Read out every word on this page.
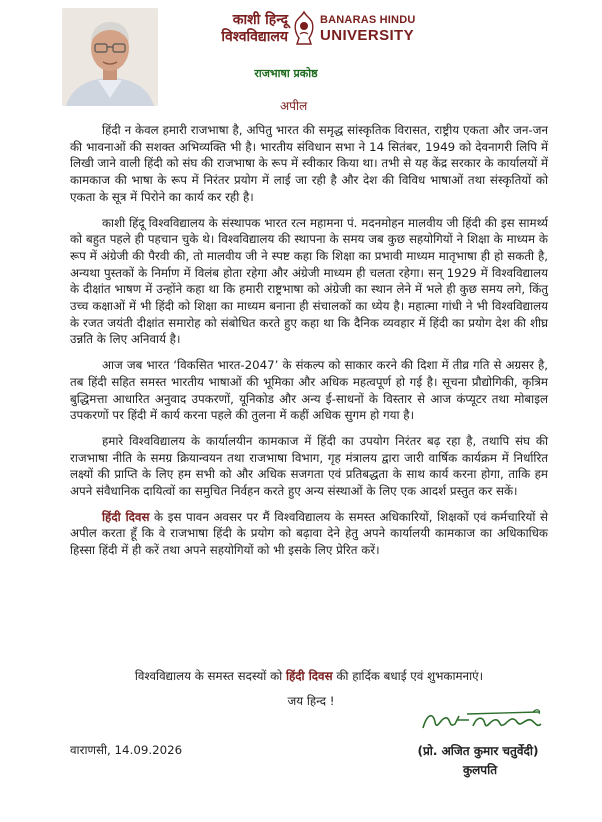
काशी हिन्दू
विश्वविद्यालय
BANARAS HINDU
UNIVERSITY
राजभाषा प्रकोष्ठ
अपील

हिंदी न केवल हमारी राजभाषा है, अपितु भारत की समृद्ध सांस्कृतिक विरासत, राष्ट्रीय एकता और जन-जन की भावनाओं की सशक्त अभिव्यक्ति भी है। भारतीय संविधान सभा ने 14 सितंबर, 1949 को देवनागरी लिपि में लिखी जाने वाली हिंदी को संघ की राजभाषा के रूप में स्वीकार किया था। तभी से यह केंद्र सरकार के कार्यालयों में कामकाज की भाषा के रूप में निरंतर प्रयोग में लाई जा रही है और देश की विविध भाषाओं तथा संस्कृतियों को एकता के सूत्र में पिरोने का कार्य कर रही है।

काशी हिंदू विश्वविद्यालय के संस्थापक भारत रत्न महामना पं. मदनमोहन मालवीय जी हिंदी की इस सामर्थ्य को बहुत पहले ही पहचान चुके थे। विश्वविद्यालय की स्थापना के समय जब कुछ सहयोगियों ने शिक्षा के माध्यम के रूप में अंग्रेजी की पैरवी की, तो मालवीय जी ने स्पष्ट कहा कि शिक्षा का प्रभावी माध्यम मातृभाषा ही हो सकती है, अन्यथा पुस्तकों के निर्माण में विलंब होता रहेगा और अंग्रेजी माध्यम ही चलता रहेगा। सन् 1929 में विश्वविद्यालय के दीक्षांत भाषण में उन्होंने कहा था कि हमारी राष्ट्रभाषा को अंग्रेजी का स्थान लेने में भले ही कुछ समय लगे, किंतु उच्च कक्षाओं में भी हिंदी को शिक्षा का माध्यम बनाना ही संचालकों का ध्येय है। महात्मा गांधी ने भी विश्वविद्यालय के रजत जयंती दीक्षांत समारोह को संबोधित करते हुए कहा था कि दैनिक व्यवहार में हिंदी का प्रयोग देश की शीघ्र उन्नति के लिए अनिवार्य है।

आज जब भारत ‘विकसित भारत-2047’ के संकल्प को साकार करने की दिशा में तीव्र गति से अग्रसर है, तब हिंदी सहित समस्त भारतीय भाषाओं की भूमिका और अधिक महत्वपूर्ण हो गई है। सूचना प्रौद्योगिकी, कृत्रिम बुद्धिमत्ता आधारित अनुवाद उपकरणों, यूनिकोड और अन्य ई-साधनों के विस्तार से आज कंप्यूटर तथा मोबाइल उपकरणों पर हिंदी में कार्य करना पहले की तुलना में कहीं अधिक सुगम हो गया है।

हमारे विश्वविद्यालय के कार्यालयीन कामकाज में हिंदी का उपयोग निरंतर बढ़ रहा है, तथापि संघ की राजभाषा नीति के समग्र क्रियान्वयन तथा राजभाषा विभाग, गृह मंत्रालय द्वारा जारी वार्षिक कार्यक्रम में निर्धारित लक्ष्यों की प्राप्ति के लिए हम सभी को और अधिक सजगता एवं प्रतिबद्धता के साथ कार्य करना होगा, ताकि हम अपने संवैधानिक दायित्वों का समुचित निर्वहन करते हुए अन्य संस्थाओं के लिए एक आदर्श प्रस्तुत कर सकें।

हिंदी दिवस के इस पावन अवसर पर मैं विश्वविद्यालय के समस्त अधिकारियों, शिक्षकों एवं कर्मचारियों से अपील करता हूँ कि वे राजभाषा हिंदी के प्रयोग को बढ़ावा देने हेतु अपने कार्यालयी कामकाज का अधिकाधिक हिस्सा हिंदी में ही करें तथा अपने सहयोगियों को भी इसके लिए प्रेरित करें।

विश्वविद्यालय के समस्त सदस्यों को हिंदी दिवस की हार्दिक बधाई एवं शुभकामनाएं।
जय हिन्द !
वाराणसी, 14.09.2026	(प्रो. अजित कुमार चतुर्वेदी)
कुलपति
